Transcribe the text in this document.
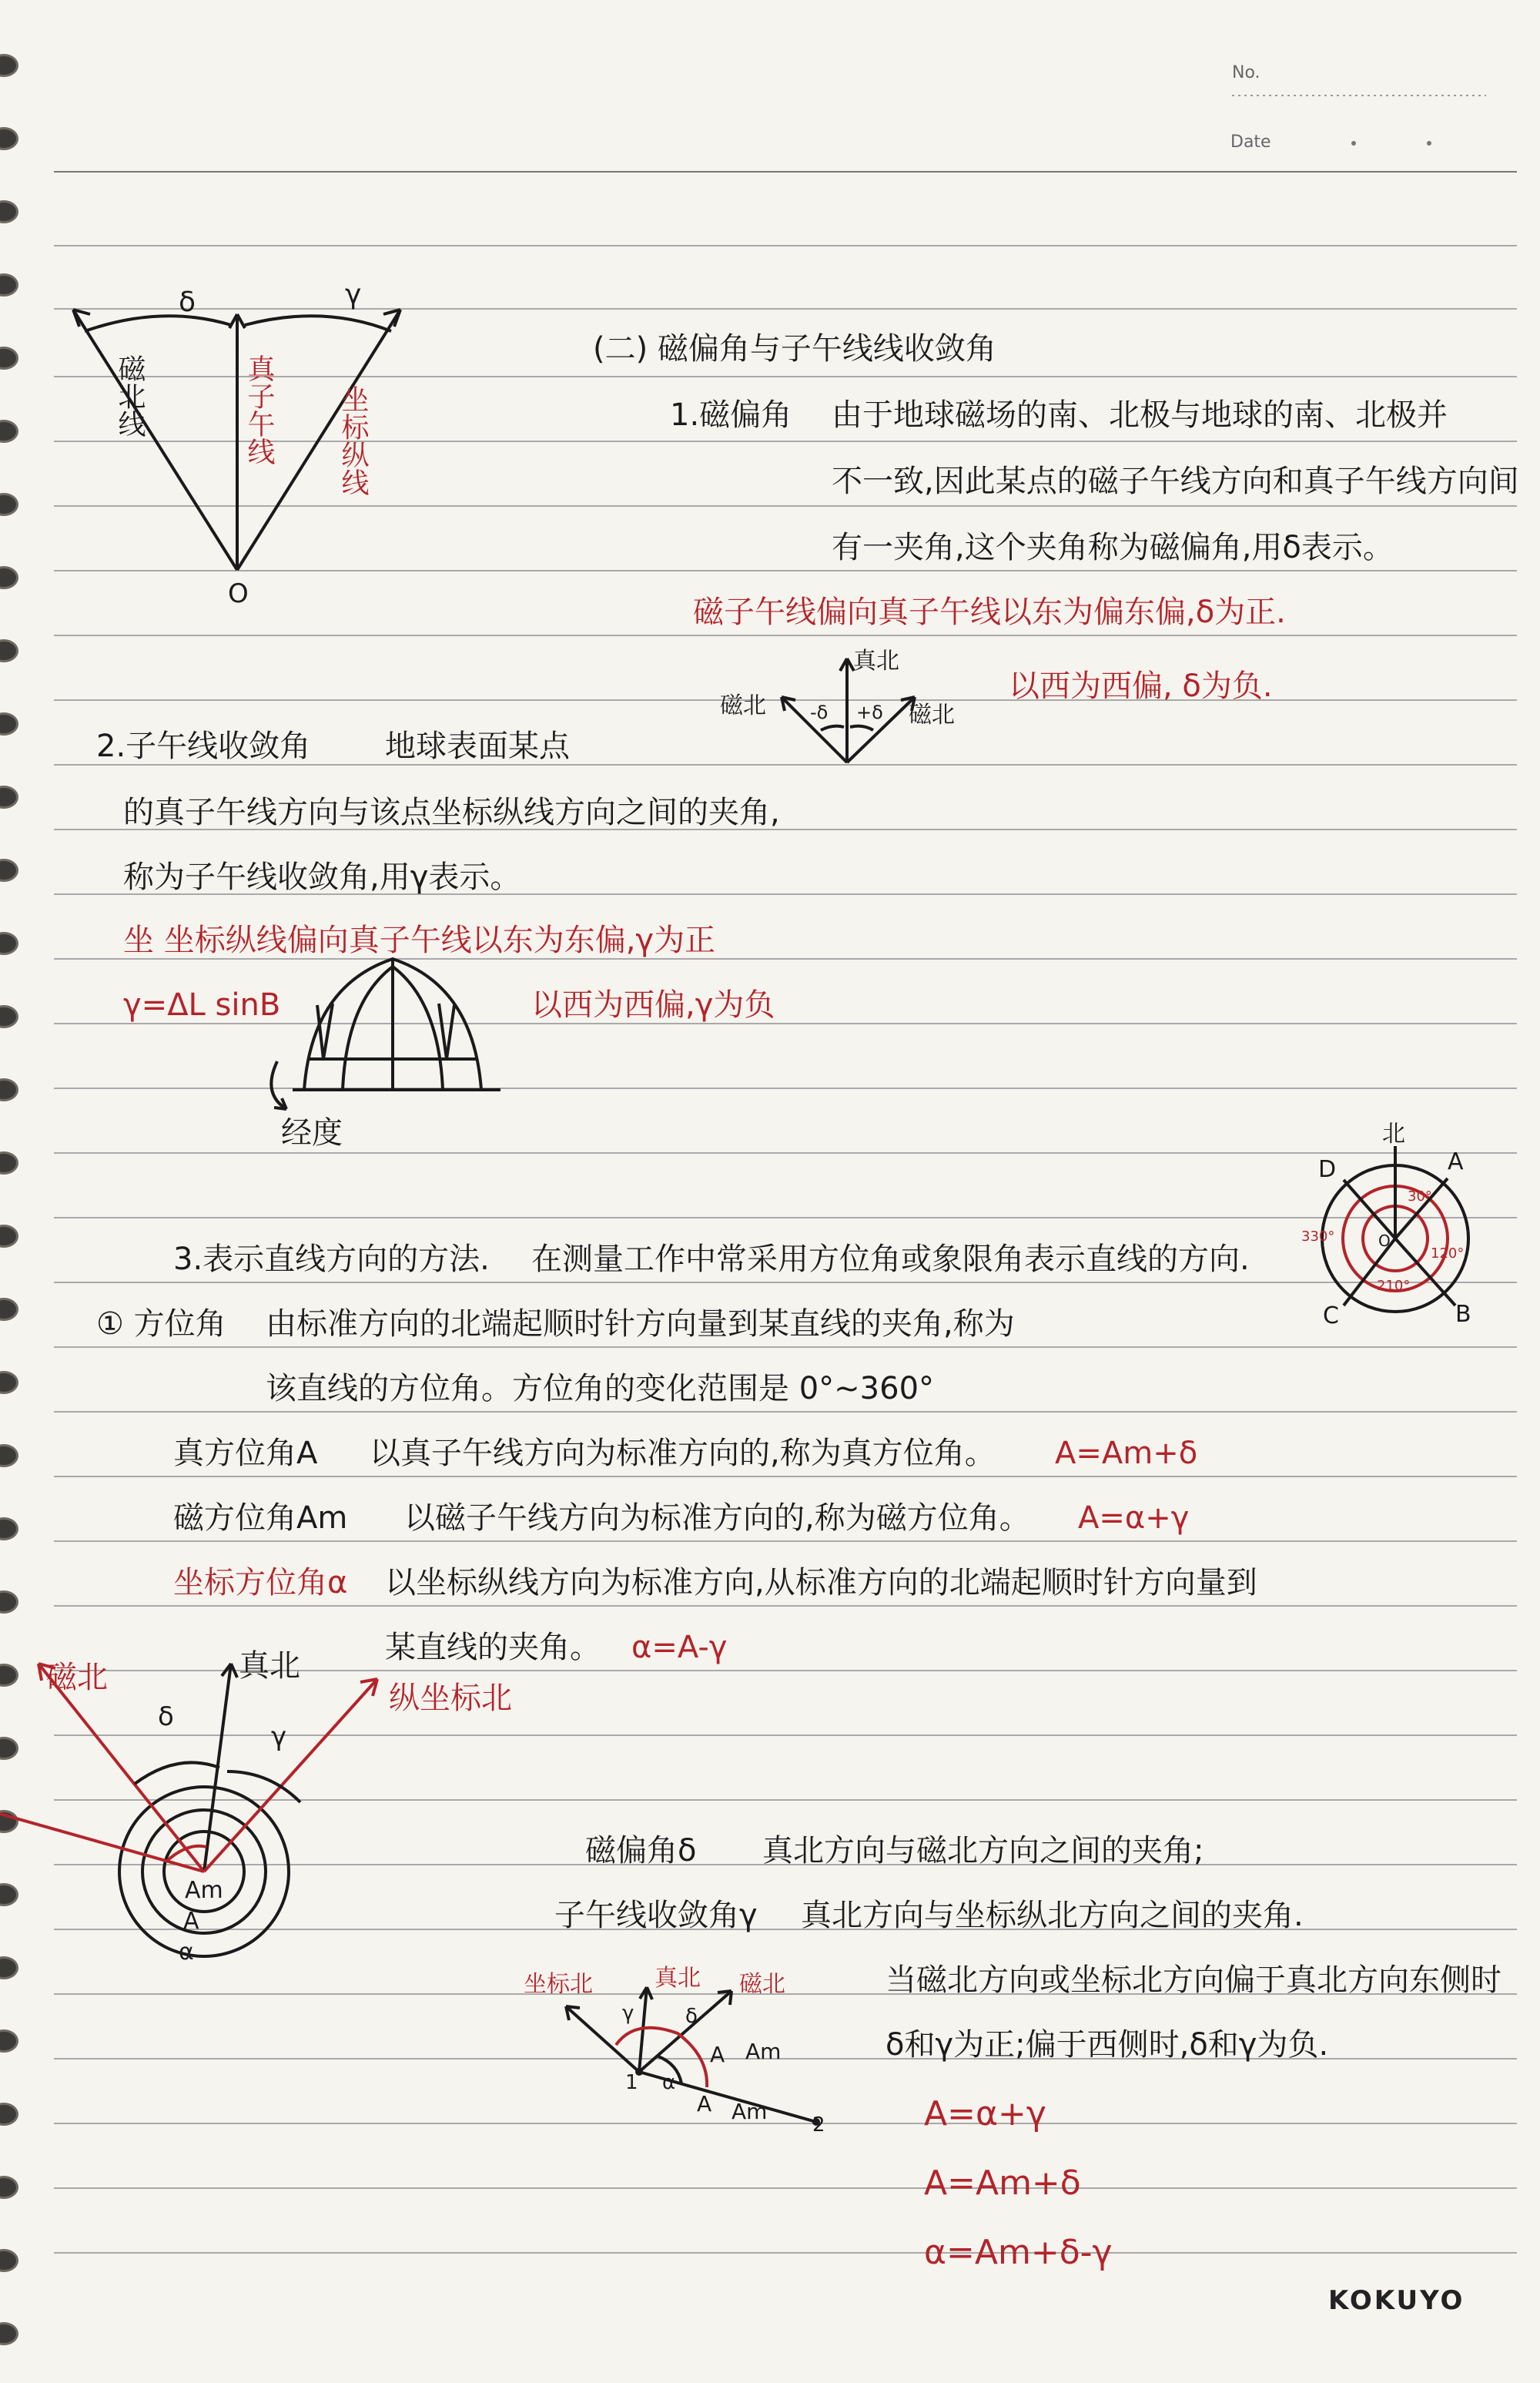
No.
Date
δ	γ
磁北线	真子午线 坐标纵线
O
(二) 磁偏角与子午线线收敛角
1.磁偏角 由于地球磁场的南、北极与地球的南、北极并
不一致,因此某点的磁子午线方向和真子午线方向间
有一夹角,这个夹角称为磁偏角,用δ表示。
磁子午线偏向真子午线以东为偏东偏,δ为正.
真北
磁北	磁北
-δ +δ
以西为西偏, δ为负.
2.子午线收敛角 地球表面某点
的真子午线方向与该点坐标纵线方向之间的夹角,
称为子午线收敛角,用γ表示。
坐 坐标纵线偏向真子午线以东为东偏,γ为正
γ=ΔL sinB	以西为西偏,γ为负
经度	北
A
D
B
C
O
30°
120°
210°
330°
3.表示直线方向的方法. 在测量工作中常采用方位角或象限角表示直线的方向.
① 方位角 由标准方向的北端起顺时针方向量到某直线的夹角,称为
该直线的方位角。方位角的变化范围是 0°~360°
真方位角A 以真子午线方向为标准方向的,称为真方位角。 A=Am+δ
磁方位角Am 以磁子午线方向为标准方向的,称为磁方位角。 A=α+γ
坐标方位角α 以坐标纵线方向为标准方向,从标准方向的北端起顺时针方向量到
某直线的夹角。 α=A-γ
磁北	真北
纵坐标北
δ
γ
Am
A
α
磁偏角δ 真北方向与磁北方向之间的夹角;
子午线收敛角γ 真北方向与坐标纵北方向之间的夹角.
当磁北方向或坐标北方向偏于真北方向东侧时
δ和γ为正;偏于西侧时,δ和γ为负.
坐标北	真北 磁北
γ	δ
A Am
α
A Am
1
2	A=α+γ
A=Am+δ
α=Am+δ-γ
KOKUYO
